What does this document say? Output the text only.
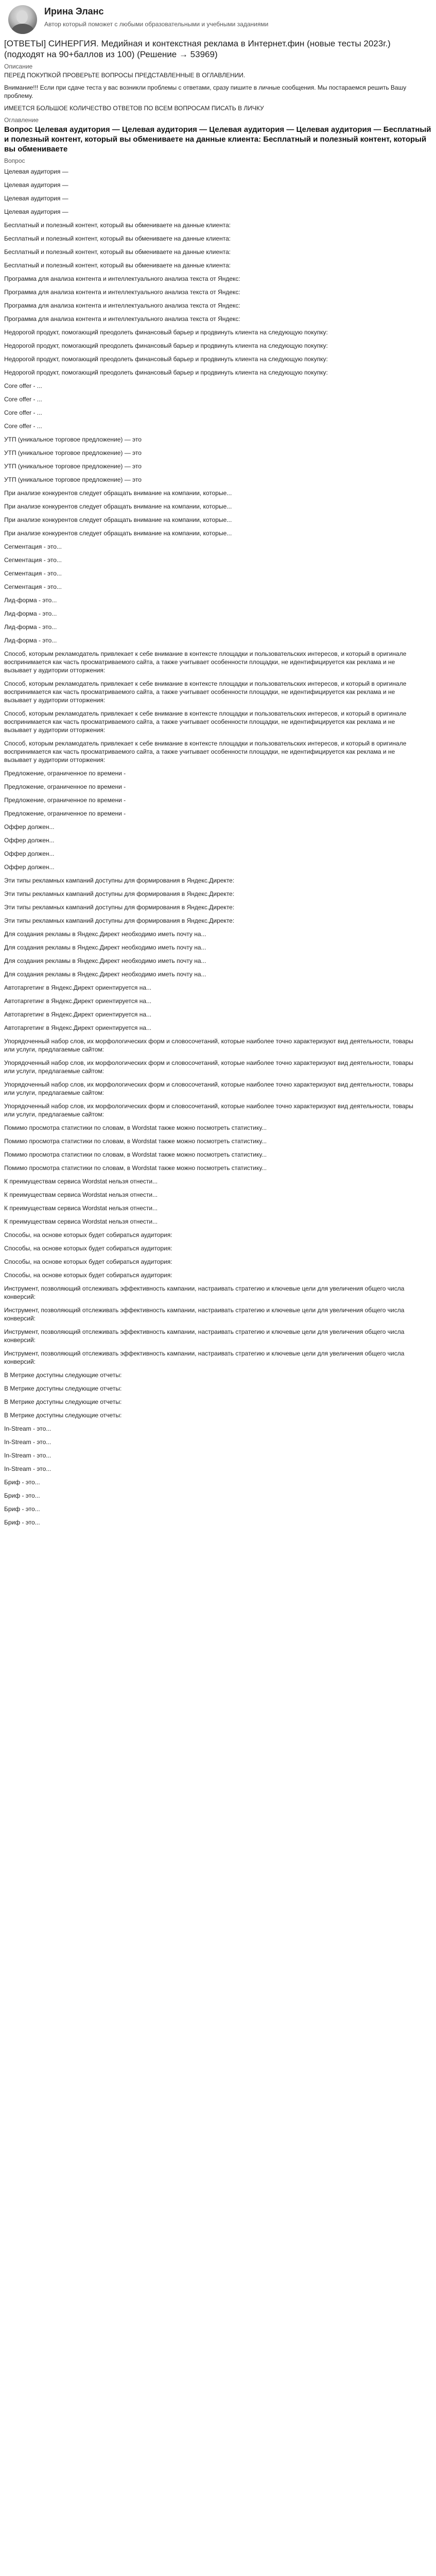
Ирина Эланс
Автор который поможет с любыми образовательными и учебными заданиями
[ОТВЕТЫ] СИНЕРГИЯ. Медийная и контекстная реклама в Интернет.фин (новые тесты 2023г.) (подходят на 90+баллов из 100) (Решение → 53969)
Описание
ПЕРЕД ПОКУПКОЙ ПРОВЕРЬТЕ ВОПРОСЫ ПРЕДСТАВЛЕННЫЕ В ОГЛАВЛЕНИИ.
Внимание!!! Если при сдаче теста у вас возникли проблемы с ответами, сразу пишите в личные сообщения. Мы постараемся решить Вашу проблему.
ИМЕЕТСЯ БОЛЬШОЕ КОЛИЧЕСТВО ОТВЕТОВ ПО ВСЕМ ВОПРОСАМ ПИСАТЬ В ЛИЧКУ
Оглавление
Вопрос Целевая аудитория — Целевая аудитория — Целевая аудитория — Целевая аудитория — Бесплатный и полезный контент, который вы обмениваете на данные клиента: Бесплатный и полезный контент, который вы обмениваете
Вопрос
Целевая аудитория —
Целевая аудитория —
Целевая аудитория —
Целевая аудитория —
Бесплатный и полезный контент, который вы обмениваете на данные клиента:
Бесплатный и полезный контент, который вы обмениваете на данные клиента:
Бесплатный и полезный контент, который вы обмениваете на данные клиента:
Бесплатный и полезный контент, который вы обмениваете на данные клиента:
Программа для анализа контента и интеллектуального анализа текста от Яндекс:
Программа для анализа контента и интеллектуального анализа текста от Яндекс:
Программа для анализа контента и интеллектуального анализа текста от Яндекс:
Программа для анализа контента и интеллектуального анализа текста от Яндекс:
Недорогой продукт, помогающий преодолеть финансовый барьер и продвинуть клиента на следующую покупку:
Недорогой продукт, помогающий преодолеть финансовый барьер и продвинуть клиента на следующую покупку:
Недорогой продукт, помогающий преодолеть финансовый барьер и продвинуть клиента на следующую покупку:
Недорогой продукт, помогающий преодолеть финансовый барьер и продвинуть клиента на следующую покупку:
Core offer - ...
Core offer - ...
Core offer - ...
Core offer - ...
УТП (уникальное торговое предложение) — это
УТП (уникальное торговое предложение) — это
УТП (уникальное торговое предложение) — это
УТП (уникальное торговое предложение) — это
При анализе конкурентов следует обращать внимание на компании, которые...
При анализе конкурентов следует обращать внимание на компании, которые...
При анализе конкурентов следует обращать внимание на компании, которые...
При анализе конкурентов следует обращать внимание на компании, которые...
Сегментация - это...
Сегментация - это...
Сегментация - это...
Сегментация - это...
Лид-форма - это...
Лид-форма - это...
Лид-форма - это...
Лид-форма - это...
Способ, которым рекламодатель привлекает к себе внимание в контексте площадки и пользовательских интересов, и который в оригинале воспринимается как часть просматриваемого сайта, а также учитывает особенности площадки, не идентифицируется как реклама и не вызывает у аудитории отторжения:
Способ, которым рекламодатель привлекает к себе внимание в контексте площадки и пользовательских интересов, и который в оригинале воспринимается как часть просматриваемого сайта, а также учитывает особенности площадки, не идентифицируется как реклама и не вызывает у аудитории отторжения:
Способ, которым рекламодатель привлекает к себе внимание в контексте площадки и пользовательских интересов, и который в оригинале воспринимается как часть просматриваемого сайта, а также учитывает особенности площадки, не идентифицируется как реклама и не вызывает у аудитории отторжения:
Способ, которым рекламодатель привлекает к себе внимание в контексте площадки и пользовательских интересов, и который в оригинале воспринимается как часть просматриваемого сайта, а также учитывает особенности площадки, не идентифицируется как реклама и не вызывает у аудитории отторжения:
Предложение, ограниченное по времени -
Предложение, ограниченное по времени -
Предложение, ограниченное по времени -
Предложение, ограниченное по времени -
Оффер должен...
Оффер должен...
Оффер должен...
Оффер должен...
Эти типы рекламных кампаний доступны для формирования в Яндекс.Директе:
Эти типы рекламных кампаний доступны для формирования в Яндекс.Директе:
Эти типы рекламных кампаний доступны для формирования в Яндекс.Директе:
Эти типы рекламных кампаний доступны для формирования в Яндекс.Директе:
Для создания рекламы в Яндекс.Директ необходимо иметь почту на...
Для создания рекламы в Яндекс.Директ необходимо иметь почту на...
Для создания рекламы в Яндекс.Директ необходимо иметь почту на...
Для создания рекламы в Яндекс.Директ необходимо иметь почту на...
Автотаргетинг в Яндекс.Директ ориентируется на...
Автотаргетинг в Яндекс.Директ ориентируется на...
Автотаргетинг в Яндекс.Директ ориентируется на...
Автотаргетинг в Яндекс.Директ ориентируется на...
Упорядоченный набор слов, их морфологических форм и словосочетаний, которые наиболее точно характеризуют вид деятельности, товары или услуги, предлагаемые сайтом:
Упорядоченный набор слов, их морфологических форм и словосочетаний, которые наиболее точно характеризуют вид деятельности, товары или услуги, предлагаемые сайтом:
Упорядоченный набор слов, их морфологических форм и словосочетаний, которые наиболее точно характеризуют вид деятельности, товары или услуги, предлагаемые сайтом:
Упорядоченный набор слов, их морфологических форм и словосочетаний, которые наиболее точно характеризуют вид деятельности, товары или услуги, предлагаемые сайтом:
Помимо просмотра статистики по словам, в Wordstat также можно посмотреть статистику...
Помимо просмотра статистики по словам, в Wordstat также можно посмотреть статистику...
Помимо просмотра статистики по словам, в Wordstat также можно посмотреть статистику...
Помимо просмотра статистики по словам, в Wordstat также можно посмотреть статистику...
К преимуществам сервиса Wordstat нельзя отнести...
К преимуществам сервиса Wordstat нельзя отнести...
К преимуществам сервиса Wordstat нельзя отнести...
К преимуществам сервиса Wordstat нельзя отнести...
Способы, на основе которых будет собираться аудитория:
Способы, на основе которых будет собираться аудитория:
Способы, на основе которых будет собираться аудитория:
Способы, на основе которых будет собираться аудитория:
Инструмент, позволяющий отслеживать эффективность кампании, настраивать стратегию и ключевые цели для увеличения общего числа конверсий:
Инструмент, позволяющий отслеживать эффективность кампании, настраивать стратегию и ключевые цели для увеличения общего числа конверсий:
Инструмент, позволяющий отслеживать эффективность кампании, настраивать стратегию и ключевые цели для увеличения общего числа конверсий:
Инструмент, позволяющий отслеживать эффективность кампании, настраивать стратегию и ключевые цели для увеличения общего числа конверсий:
В Метрике доступны следующие отчеты:
В Метрике доступны следующие отчеты:
В Метрике доступны следующие отчеты:
В Метрике доступны следующие отчеты:
In-Stream - это...
In-Stream - это...
In-Stream - это...
In-Stream - это...
Бриф - это...
Бриф - это...
Бриф - это...
Бриф - это...
